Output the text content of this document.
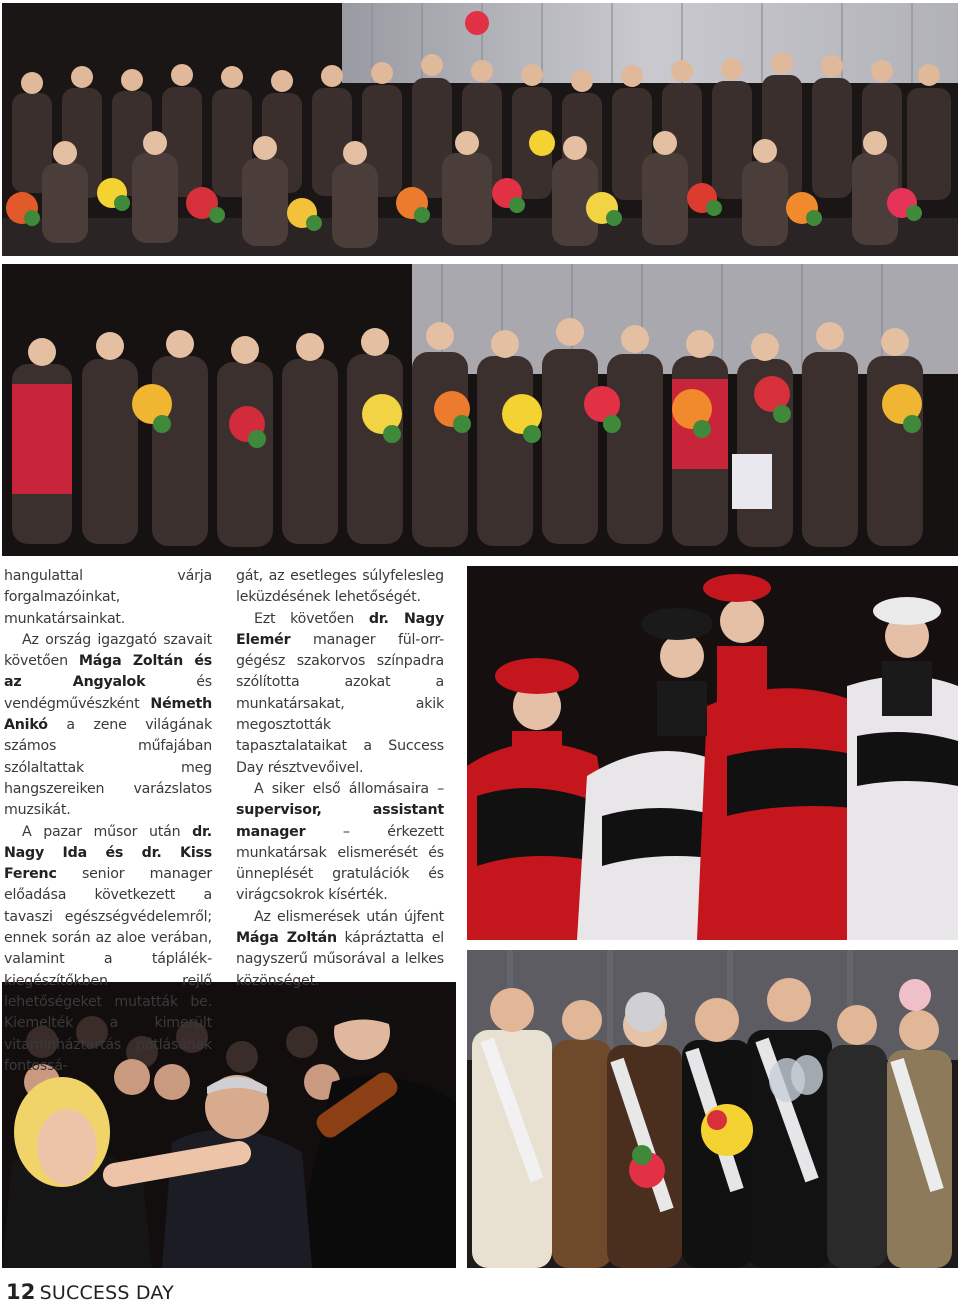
hangulattal várja forgalmazóinkat, munkatársainkat.

Az ország igazgató szavait követően Mága Zoltán és az Angyalok és vendégművészként Németh Anikó a zene világának számos műfajában szólaltattak meg hangszereiken varázslatos muzsikát.

A pazar műsor után dr. Nagy Ida és dr. Kiss Ferenc senior manager előadása következett a tavaszi egészségvédelemről; ennek során az aloe verában, valamint a táplálék-kiegészítőkben rejlő lehetőségeket mutatták be. Kiemelték a kimerült vitaminháztartás pótlásának fontossá-

gát, az esetleges súlyfelesleg leküzdésének lehetőségét.

Ezt követően dr. Nagy Elemér manager fül-orr-gégész szakorvos színpadra szólította azokat a munkatársakat, akik megosztották tapasztalataikat a Success Day résztvevőivel.

A siker első állomásaira – supervisor, assistant manager – érkezett munkatársak elismerését és ünneplését gratulációk és virágcsokrok kísérték.

Az elismerések után újfent Mága Zoltán kápráztatta el nagyszerű műsorával a lelkes közönséget.

12 SUCCESS DAY
